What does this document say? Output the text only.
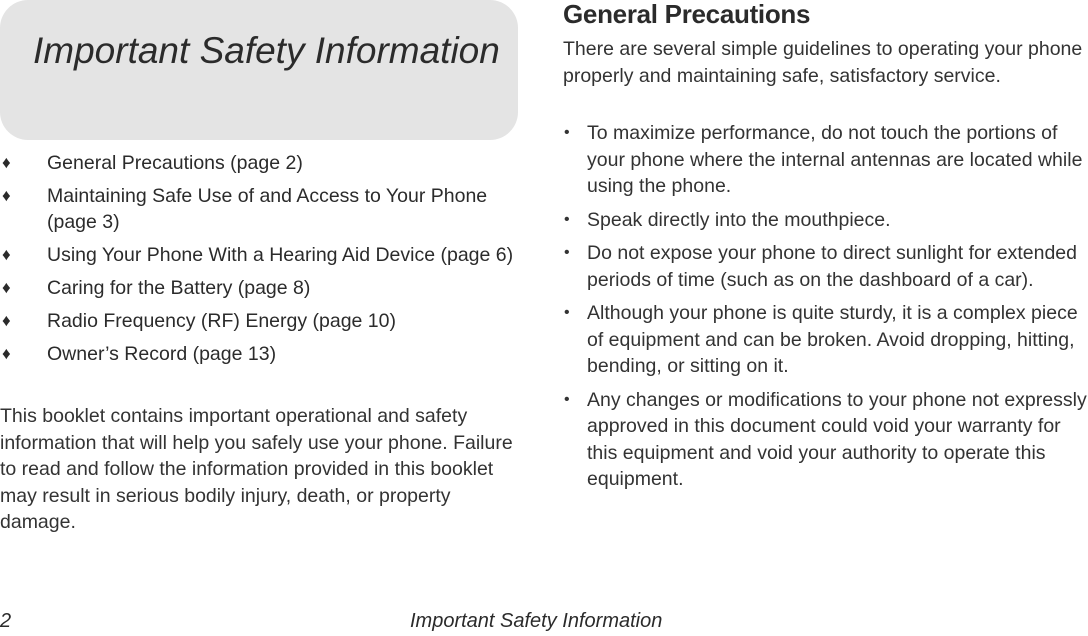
Important Safety Information
♦ General Precautions (page 2)
♦ Maintaining Safe Use of and Access to Your Phone (page 3)
♦ Using Your Phone With a Hearing Aid Device (page 6)
♦ Caring for the Battery (page 8)
♦ Radio Frequency (RF) Energy (page 10)
♦ Owner’s Record (page 13)

This booklet contains important operational and safety information that will help you safely use your phone. Failure to read and follow the information provided in this booklet may result in serious bodily injury, death, or property damage.

General Precautions

There are several simple guidelines to operating your phone properly and maintaining safe, satisfactory service.

• To maximize performance, do not touch the portions of your phone where the internal antennas are located while using the phone.
• Speak directly into the mouthpiece.
• Do not expose your phone to direct sunlight for extended periods of time (such as on the dashboard of a car).
• Although your phone is quite sturdy, it is a complex piece of equipment and can be broken. Avoid dropping, hitting, bending, or sitting on it.
• Any changes or modifications to your phone not expressly approved in this document could void your warranty for this equipment and void your authority to operate this equipment.
2	Important Safety Information
